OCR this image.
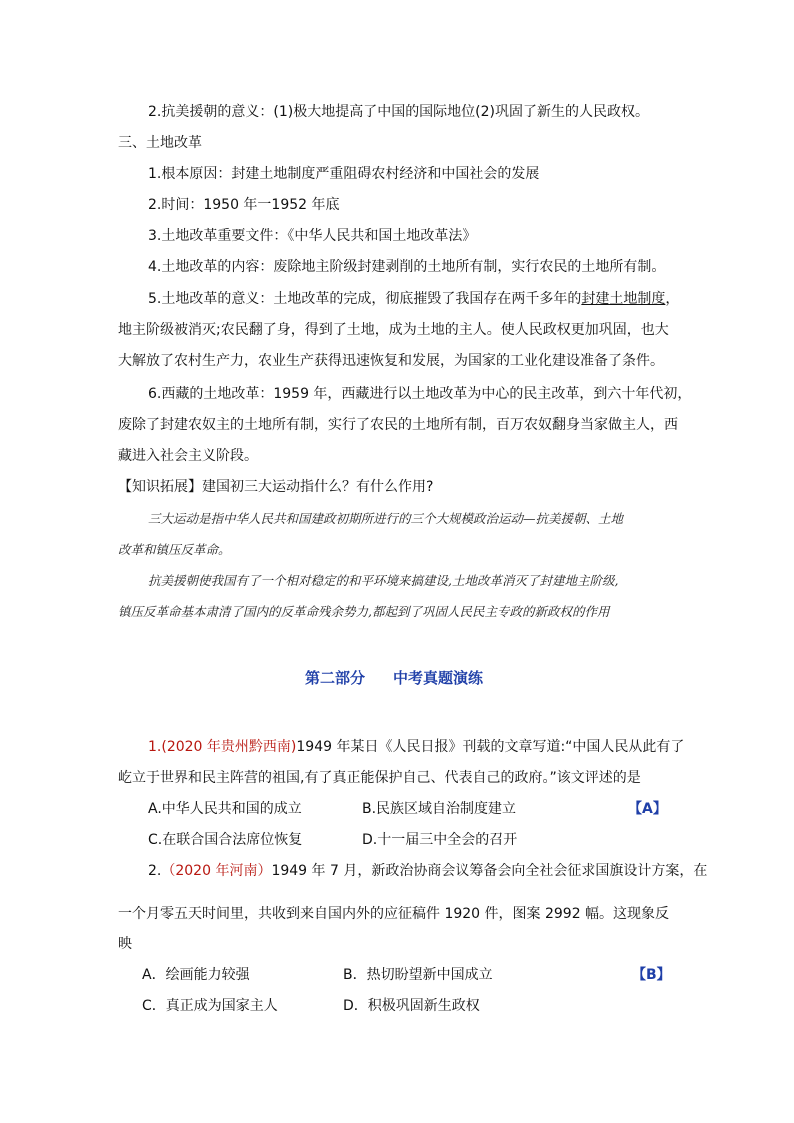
2.抗美援朝的意义：(1)极大地提高了中国的国际地位(2)巩固了新生的人民政权。
三、土地改革
1.根本原因：封建土地制度严重阻碍农村经济和中国社会的发展
2.时间：1950 年一1952 年底
3.土地改革重要文件：《中华人民共和国土地改革法》
4.土地改革的内容：废除地主阶级封建剥削的土地所有制，实行农民的土地所有制。
5.土地改革的意义：土地改革的完成，彻底摧毁了我国存在两千多年的封建土地制度，
地主阶级被消灭;农民翻了身，得到了土地，成为土地的主人。使人民政权更加巩固，也大
大解放了农村生产力，农业生产获得迅速恢复和发展，为国家的工业化建设准备了条件。
6.西藏的土地改革：1959 年，西藏进行以土地改革为中心的民主改革，到六十年代初，
废除了封建农奴主的土地所有制，实行了农民的土地所有制，百万农奴翻身当家做主人，西
藏进入社会主义阶段。
【知识拓展】建国初三大运动指什么？有什么作用?
三大运动是指中华人民共和国建政初期所进行的三个大规模政治运动—抗美援朝、土地
改革和镇压反革命。
抗美援朝使我国有了一个相对稳定的和平环境来搞建设,土地改革消灭了封建地主阶级,
镇压反革命基本肃清了国内的反革命残余势力,都起到了巩固人民民主专政的新政权的作用
第二部分 中考真题演练
1.(2020 年贵州黔西南)1949 年某日《人民日报》刊载的文章写道:“中国人民从此有了
屹立于世界和民主阵营的祖国,有了真正能保护自己、代表自己的政府。”该文评述的是
A.中华人民共和国的成立	B.民族区域自治制度建立	【A】
C.在联合国合法席位恢复	D.十一届三中全会的召开
2.（2020 年河南）1949 年 7 月，新政治协商会议筹备会向全社会征求国旗设计方案，在
一个月零五天时间里，共收到来自国内外的应征稿件 1920 件，图案 2992 幅。这现象反
映
A．绘画能力较强	B．热切盼望新中国成立	【B】
C．真正成为国家主人	D．积极巩固新生政权
